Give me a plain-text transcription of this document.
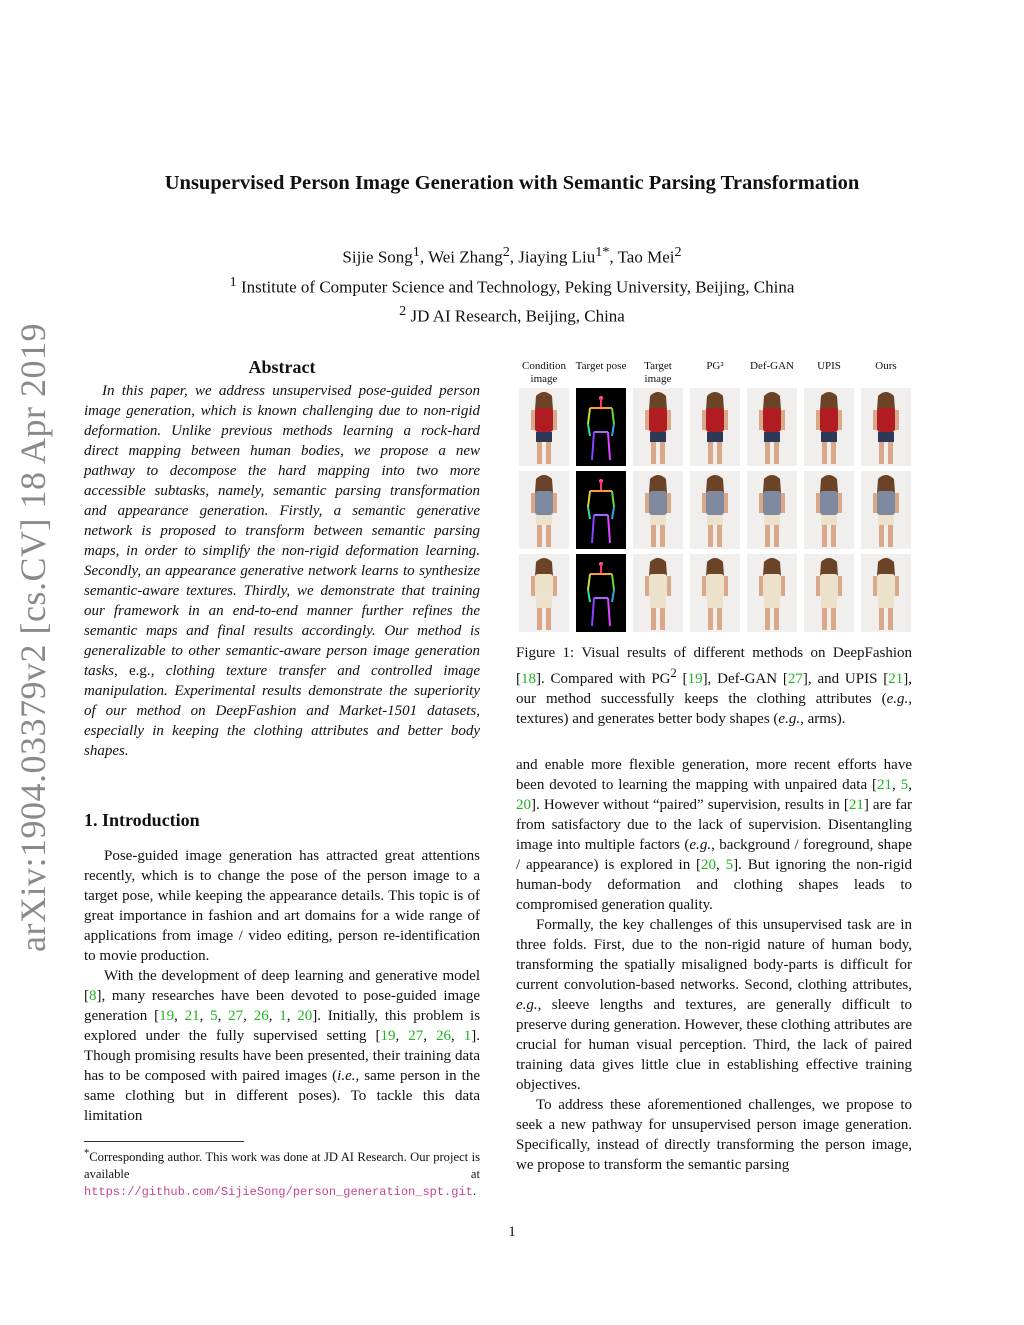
arXiv:1904.03379v2 [cs.CV] 18 Apr 2019
Unsupervised Person Image Generation with Semantic Parsing Transformation
Sijie Song$^1$, Wei Zhang$^2$, Jiaying Liu$^{1*}$, Tao Mei$^2$
$^1$ Institute of Computer Science and Technology, Peking University, Beijing, China
$^2$ JD AI Research, Beijing, China
Abstract
In this paper, we address unsupervised pose-guided person image generation, which is known challenging due to non-rigid deformation. Unlike previous methods learning a rock-hard direct mapping between human bodies, we propose a new pathway to decompose the hard mapping into two more accessible subtasks, namely, semantic parsing transformation and appearance generation. Firstly, a semantic generative network is proposed to transform between semantic parsing maps, in order to simplify the non-rigid deformation learning. Secondly, an appearance generative network learns to synthesize semantic-aware textures. Thirdly, we demonstrate that training our framework in an end-to-end manner further refines the semantic maps and final results accordingly. Our method is generalizable to other semantic-aware person image generation tasks, e.g., clothing texture transfer and controlled image manipulation. Experimental results demonstrate the superiority of our method on DeepFashion and Market-1501 datasets, especially in keeping the clothing attributes and better body shapes.
1. Introduction

Pose-guided image generation has attracted great attentions recently, which is to change the pose of the person image to a target pose, while keeping the appearance details. This topic is of great importance in fashion and art domains for a wide range of applications from image / video editing, person re-identification to movie production.

With the development of deep learning and generative model [8], many researches have been devoted to pose-guided image generation [19, 21, 5, 27, 26, 1, 20]. Initially, this problem is explored under the fully supervised setting [19, 27, 26, 1]. Though promising results have been presented, their training data has to be composed with paired images (i.e., same person in the same clothing but in different poses). To tackle this data limitation

*Corresponding author. This work was done at JD AI Research. Our project is available at https://github.com/SijieSong/person_generation_spt.git.
Condition image
Target pose	Target image
PG²	Def-GAN	UPIS	Ours
Figure 1: Visual results of different methods on DeepFashion [18]. Compared with $PG^2$ [19], Def-GAN [27], and UPIS [21], our method successfully keeps the clothing attributes (e.g., textures) and generates better body shapes (e.g., arms).

and enable more flexible generation, more recent efforts have been devoted to learning the mapping with unpaired data [21, 5, 20]. However without “paired” supervision, results in [21] are far from satisfactory due to the lack of supervision. Disentangling image into multiple factors (e.g., background / foreground, shape / appearance) is explored in [20, 5]. But ignoring the non-rigid human-body deformation and clothing shapes leads to compromised generation quality.

Formally, the key challenges of this unsupervised task are in three folds. First, due to the non-rigid nature of human body, transforming the spatially misaligned body-parts is difficult for current convolution-based networks. Second, clothing attributes, e.g., sleeve lengths and textures, are generally difficult to preserve during generation. However, these clothing attributes are crucial for human visual perception. Third, the lack of paired training data gives little clue in establishing effective training objectives.

To address these aforementioned challenges, we propose to seek a new pathway for unsupervised person image generation. Specifically, instead of directly transforming the person image, we propose to transform the semantic parsing

1
